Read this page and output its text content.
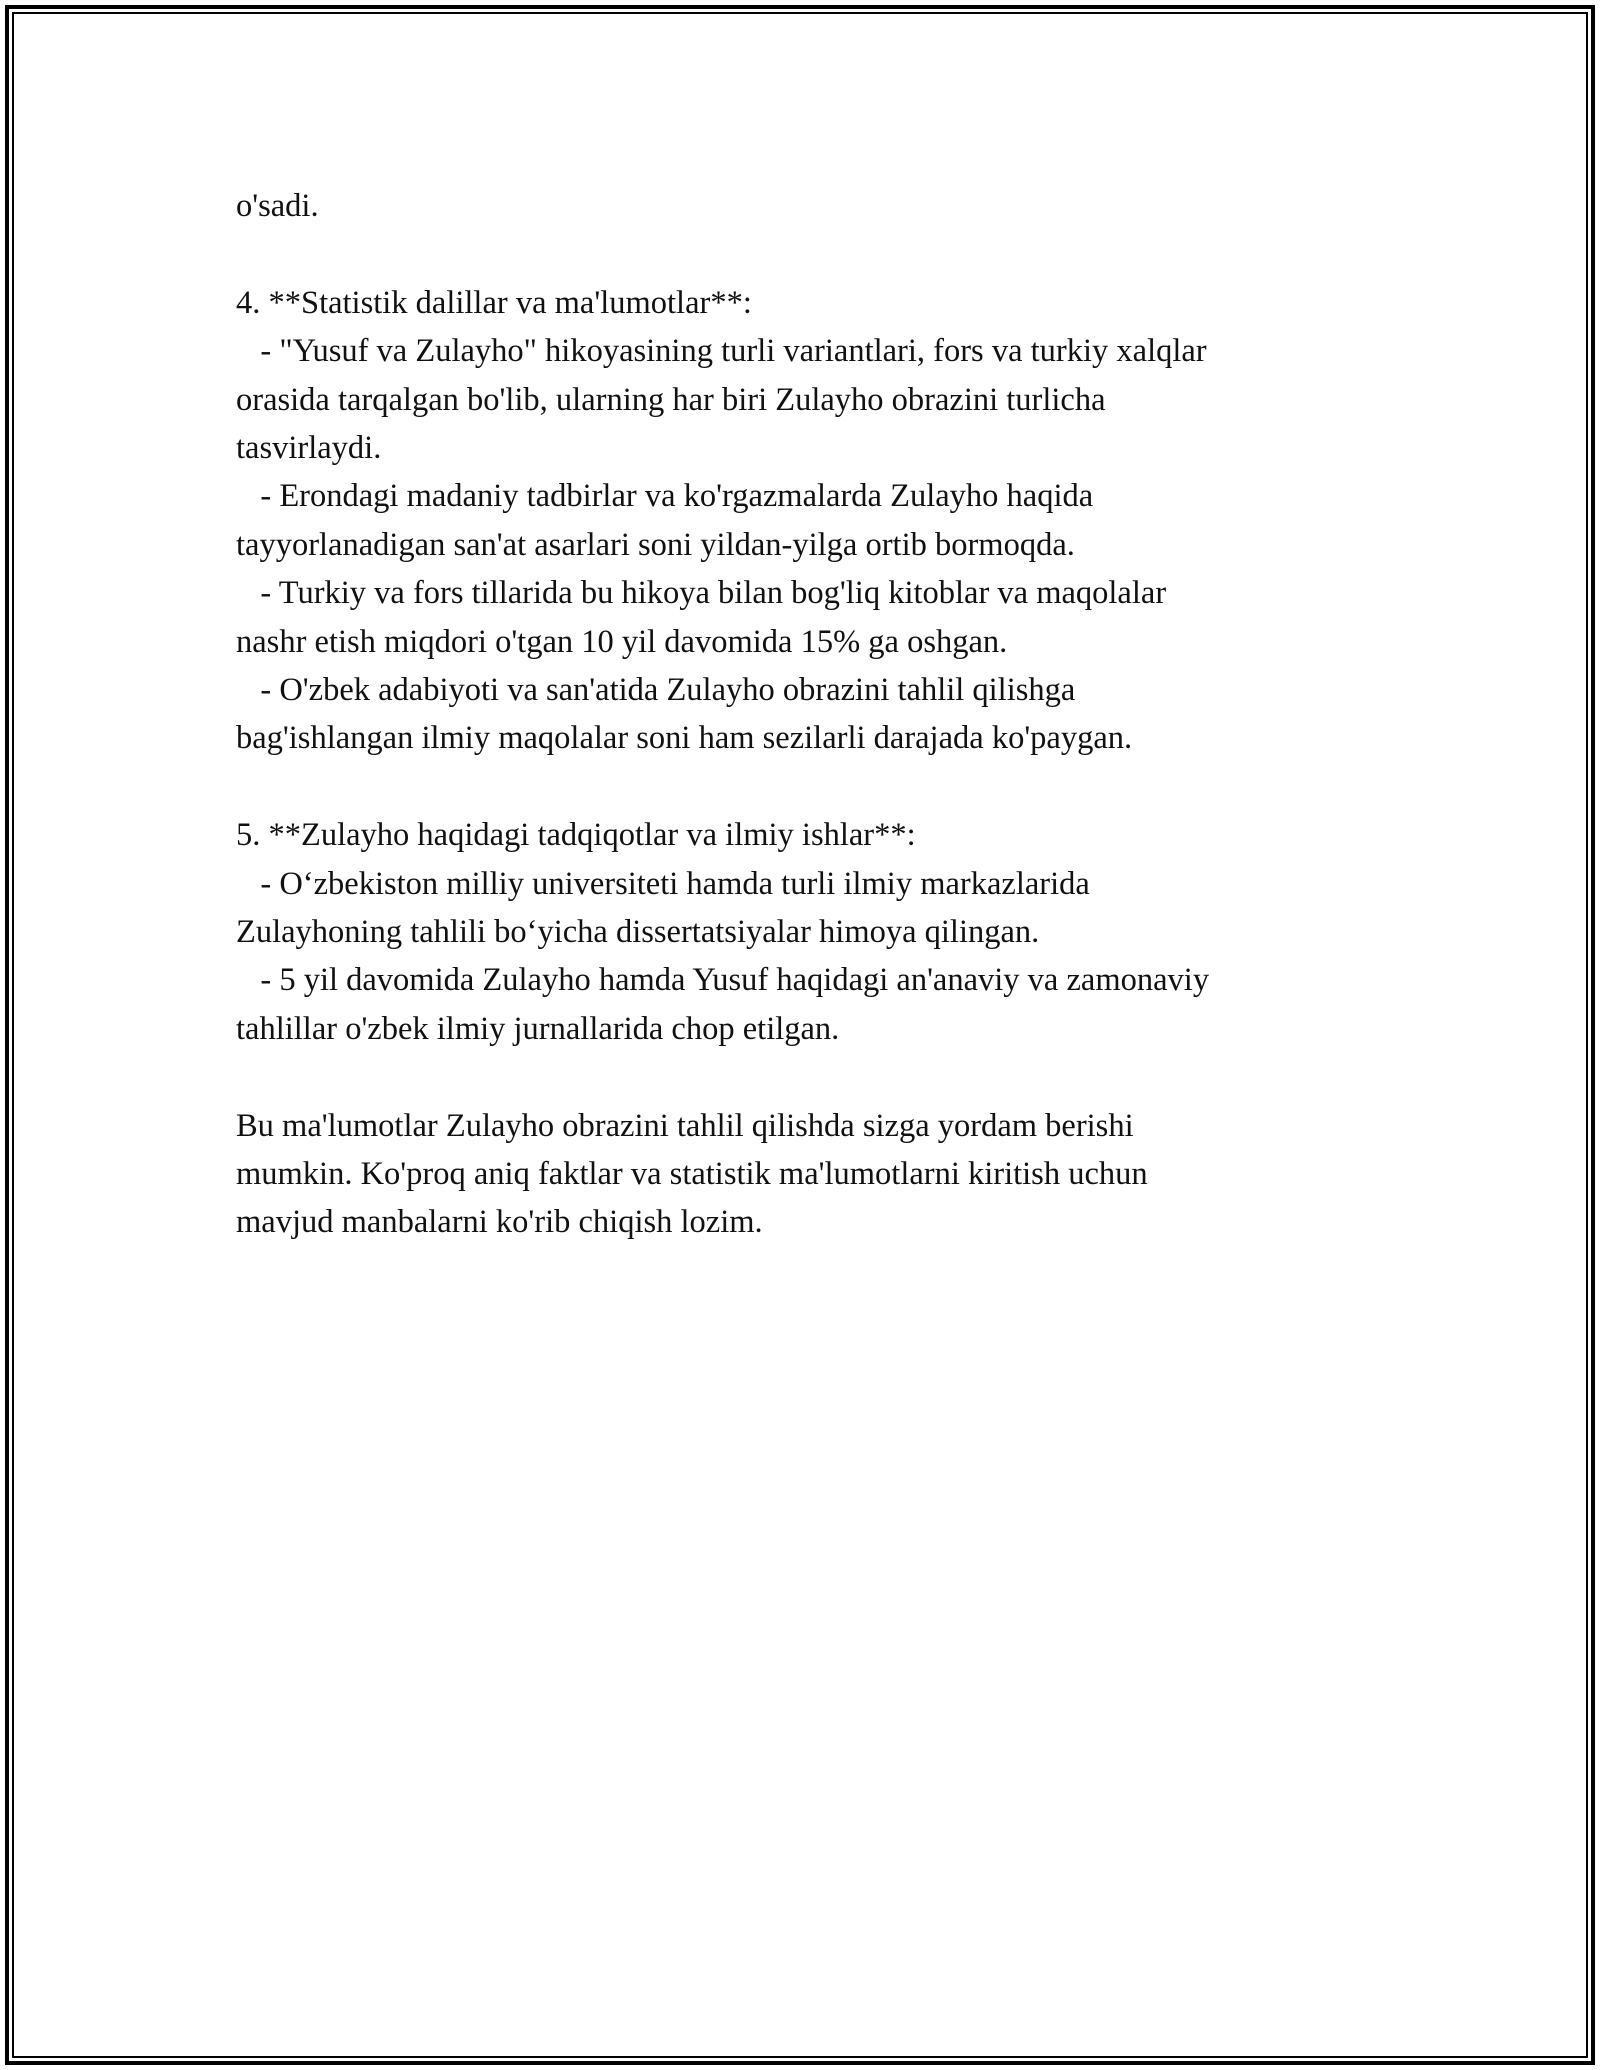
o'sadi.
4. **Statistik dalillar va ma'lumotlar**:
- "Yusuf va Zulayho" hikoyasining turli variantlari, fors va turkiy xalqlar
orasida tarqalgan bo'lib, ularning har biri Zulayho obrazini turlicha
tasvirlaydi.
- Erondagi madaniy tadbirlar va ko'rgazmalarda Zulayho haqida
tayyorlanadigan san'at asarlari soni yildan-yilga ortib bormoqda.
- Turkiy va fors tillarida bu hikoya bilan bog'liq kitoblar va maqolalar
nashr etish miqdori o'tgan 10 yil davomida 15% ga oshgan.
- O'zbek adabiyoti va san'atida Zulayho obrazini tahlil qilishga
bag'ishlangan ilmiy maqolalar soni ham sezilarli darajada ko'paygan.
5. **Zulayho haqidagi tadqiqotlar va ilmiy ishlar**:
- O‘zbekiston milliy universiteti hamda turli ilmiy markazlarida
Zulayhoning tahlili bo‘yicha dissertatsiyalar himoya qilingan.
- 5 yil davomida Zulayho hamda Yusuf haqidagi an'anaviy va zamonaviy
tahlillar o'zbek ilmiy jurnallarida chop etilgan.
Bu ma'lumotlar Zulayho obrazini tahlil qilishda sizga yordam berishi
mumkin. Ko'proq aniq faktlar va statistik ma'lumotlarni kiritish uchun
mavjud manbalarni ko'rib chiqish lozim.
